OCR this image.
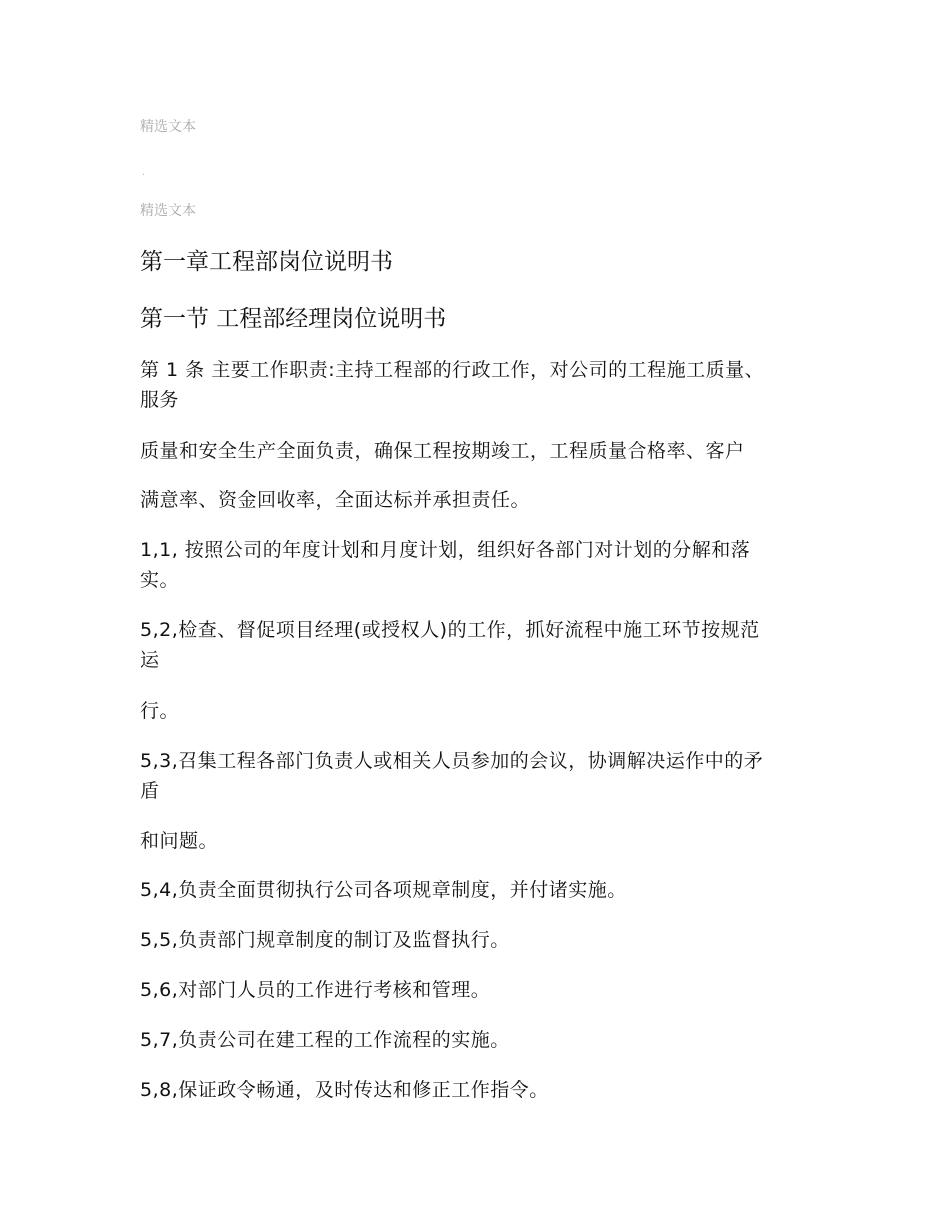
精选文本
.
精选文本
第一章工程部岗位说明书
第一节 工程部经理岗位说明书
第 1 条 主要工作职责:主持工程部的行政工作，对公司的工程施工质量、
服务
质量和安全生产全面负责，确保工程按期竣工，工程质量合格率、客户
满意率、资金回收率，全面达标并承担责任。
1,1, 按照公司的年度计划和月度计划，组织好各部门对计划的分解和落
实。
5,2,检查、督促项目经理(或授权人)的工作，抓好流程中施工环节按规范
运
行。
5,3,召集工程各部门负责人或相关人员参加的会议，协调解决运作中的矛
盾
和问题。
5,4,负责全面贯彻执行公司各项规章制度，并付诸实施。
5,5,负责部门规章制度的制订及监督执行。
5,6,对部门人员的工作进行考核和管理。
5,7,负责公司在建工程的工作流程的实施。
5,8,保证政令畅通，及时传达和修正工作指令。
